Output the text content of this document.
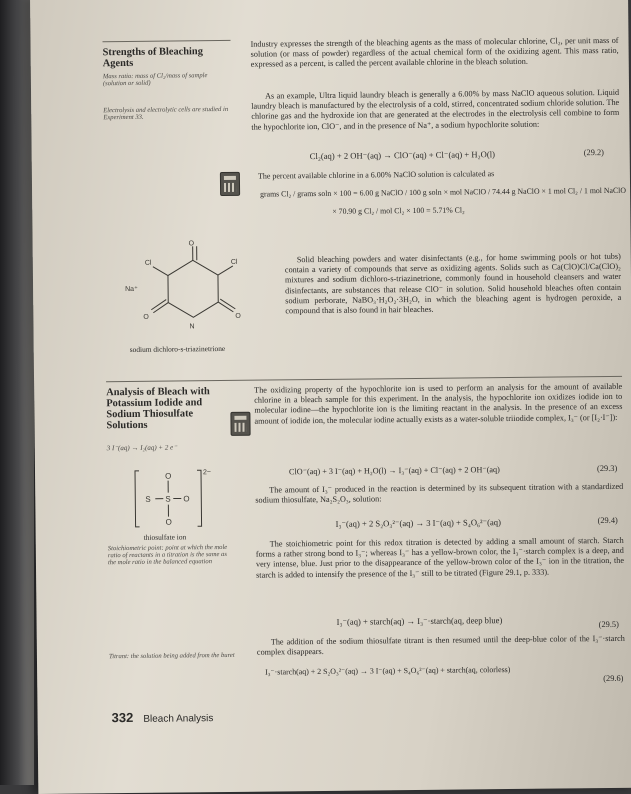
Strengths of Bleaching Agents
Mass ratio: mass of Cl₂/mass of sample (solution or solid)
Electrolysis and electrolytic cells are studied in Experiment 33.
Industry expresses the strength of the bleaching agents as the mass of molecular chlorine, Cl₂, per unit mass of solution (or mass of powder) regardless of the actual chemical form of the oxidizing agent. This mass ratio, expressed as a percent, is called the percent available chlorine in the bleach solution.
As an example, Ultra liquid laundry bleach is generally a 6.00% by mass NaClO aqueous solution. Liquid laundry bleach is manufactured by the electrolysis of a cold, stirred, concentrated sodium chloride solution. The chlorine gas and the hydroxide ion that are generated at the electrodes in the electrolysis cell combine to form the hypochlorite ion, ClO⁻, and in the presence of Na⁺, a sodium hypochlorite solution:
Cl₂(aq) + 2 OH⁻(aq) → ClO⁻(aq) + Cl⁻(aq) + H₂O(l)	(29.2)
The percent available chlorine in a 6.00% NaClO solution is calculated as
grams Cl₂ / grams soln × 100 = 6.00 g NaClO / 100 g soln × mol NaClO / 74.44 g NaClO × 1 mol Cl₂ / 1 mol NaClO
× 70.90 g Cl₂ / mol Cl₂ × 100 = 5.71% Cl₂
Cl
Cl
Na⁺
O
O
O
N
sodium dichloro-s-triazinetrione
Solid bleaching powders and water disinfectants (e.g., for home swimming pools or hot tubs) contain a variety of compounds that serve as oxidizing agents. Solids such as Ca(ClO)Cl/Ca(ClO)₂ mixtures and sodium dichloro-s-triazinetrione, commonly found in household cleansers and water disinfectants, are substances that release ClO⁻ in solution. Solid household bleaches often contain sodium perborate, NaBO₃·H₂O₂·3H₂O, in which the bleaching agent is hydrogen peroxide, a compound that is also found in hair bleaches.
Analysis of Bleach with Potassium Iodide and Sodium Thiosulfate Solutions
3 I⁻(aq) → I₂(aq) + 2 e⁻
O
S S O
O
2−
thiosulfate ion
Stoichiometric point: point at which the mole ratio of reactants in a titration is the same as the mole ratio in the balanced equation
Titrant: the solution being added from the buret
The oxidizing property of the hypochlorite ion is used to perform an analysis for the amount of available chlorine in a bleach sample for this experiment. In the analysis, the hypochlorite ion oxidizes iodide ion to molecular iodine—the hypochlorite ion is the limiting reactant in the analysis. In the presence of an excess amount of iodide ion, the molecular iodine actually exists as a water-soluble triiodide complex, I₃⁻ (or [I₂·I⁻]):
ClO⁻(aq) + 3 I⁻(aq) + H₂O(l) → I₃⁻(aq) + Cl⁻(aq) + 2 OH⁻(aq)	(29.3)
The amount of I₃⁻ produced in the reaction is determined by its subsequent titration with a standardized sodium thiosulfate, Na₂S₂O₃, solution:
I₃⁻(aq) + 2 S₂O₃²⁻(aq) → 3 I⁻(aq) + S₄O₆²⁻(aq)	(29.4)
The stoichiometric point for this redox titration is detected by adding a small amount of starch. Starch forms a rather strong bond to I₃⁻; whereas I₃⁻ has a yellow-brown color, the I₃⁻·starch complex is a deep, and very intense, blue. Just prior to the disappearance of the yellow-brown color of the I₃⁻ ion in the titration, the starch is added to intensify the presence of the I₃⁻ still to be titrated (Figure 29.1, p. 333).
I₃⁻(aq) + starch(aq) → I₃⁻·starch(aq, deep blue)	(29.5)
The addition of the sodium thiosulfate titrant is then resumed until the deep-blue color of the I₃⁻·starch complex disappears.
I₃⁻·starch(aq) + 2 S₂O₃²⁻(aq) → 3 I⁻(aq) + S₄O₆²⁻(aq) + starch(aq, colorless)
(29.6)
332 Bleach Analysis
